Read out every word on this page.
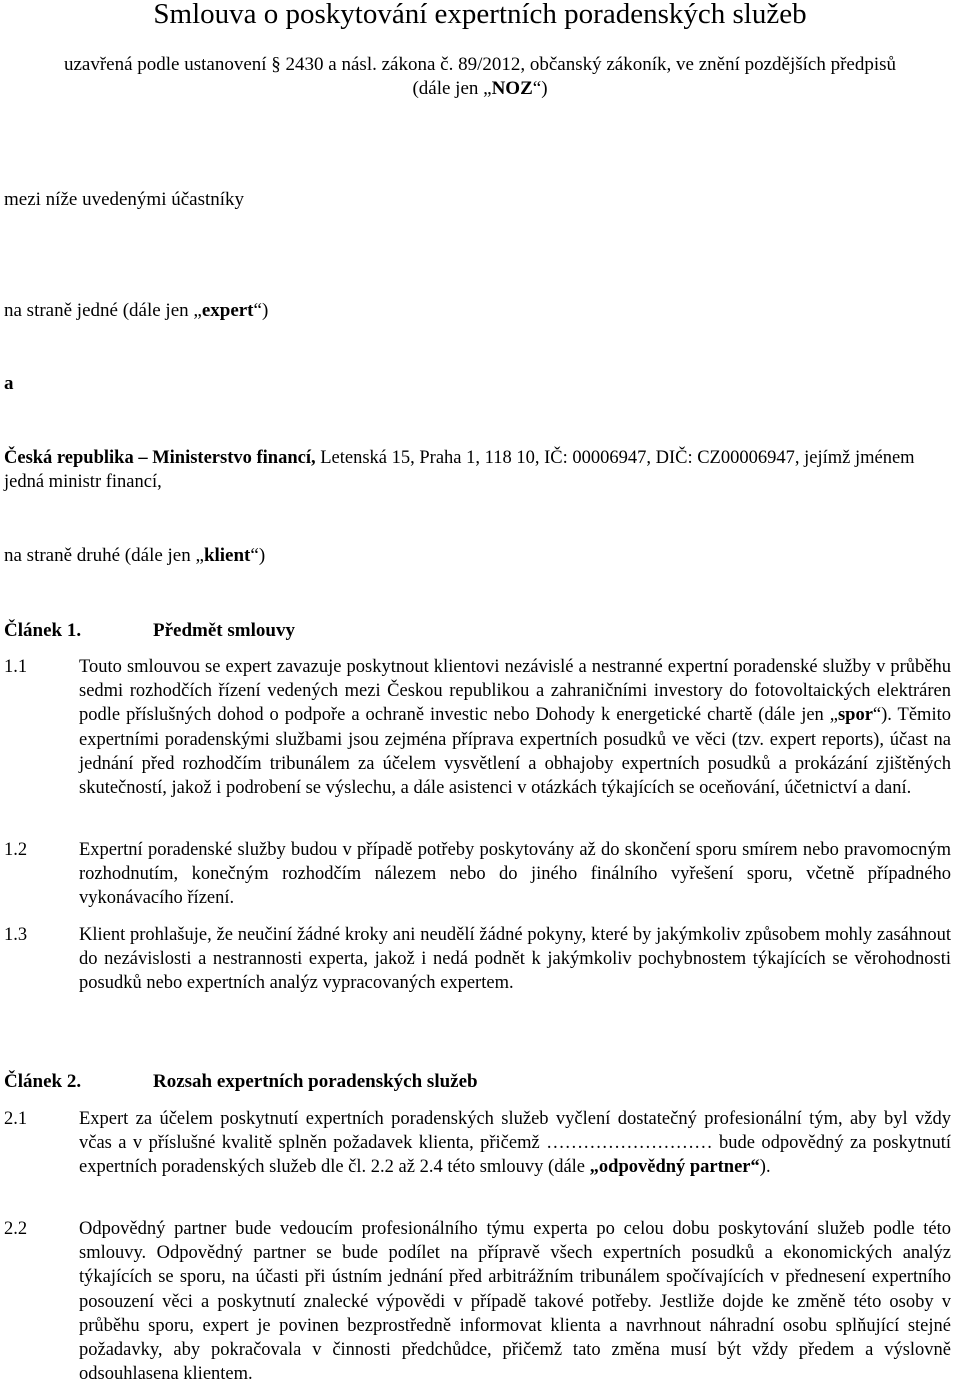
Smlouva o poskytování expertních poradenských služeb
uzavřená podle ustanovení § 2430 a násl. zákona č. 89/2012, občanský zákoník, ve znění pozdějších předpisů
(dále jen „NOZ“)
mezi níže uvedenými účastníky
na straně jedné (dále jen „expert“)
a
Česká republika – Ministerstvo financí, Letenská 15, Praha 1, 118 10, IČ: 00006947, DIČ: CZ00006947, jejímž jménem jedná ministr financí,
na straně druhé (dále jen „klient“)
Článek 1.	Předmět smlouvy
1.1	Touto smlouvou se expert zavazuje poskytnout klientovi nezávislé a nestranné expertní poradenské služby v průběhu sedmi rozhodčích řízení vedených mezi Českou republikou a zahraničními investory do fotovoltaických elektráren podle příslušných dohod o podpoře a ochraně investic nebo Dohody k energetické chartě (dále jen „spor“). Těmito expertními poradenskými službami jsou zejména příprava expertních posudků ve věci (tzv. expert reports), účast na jednání před rozhodčím tribunálem za účelem vysvětlení a obhajoby expertních posudků a prokázání zjištěných skutečností, jakož i podrobení se výslechu, a dále asistenci v otázkách týkajících se oceňování, účetnictví a daní.
1.2	Expertní poradenské služby budou v případě potřeby poskytovány až do skončení sporu smírem nebo pravomocným rozhodnutím, konečným rozhodčím nálezem nebo do jiného finálního vyřešení sporu, včetně případného vykonávacího řízení.
1.3	Klient prohlašuje, že neučiní žádné kroky ani neudělí žádné pokyny, které by jakýmkoliv způsobem mohly zasáhnout do nezávislosti a nestrannosti experta, jakož i nedá podnět k jakýmkoliv pochybnostem týkajících se věrohodnosti posudků nebo expertních analýz vypracovaných expertem.
Článek 2.	Rozsah expertních poradenských služeb
2.1	Expert za účelem poskytnutí expertních poradenských služeb vyčlení dostatečný profesionální tým, aby byl vždy včas a v příslušné kvalitě splněn požadavek klienta, přičemž ……………………… bude odpovědný za poskytnutí expertních poradenských služeb dle čl. 2.2 až 2.4 této smlouvy (dále „odpovědný partner“).
2.2	Odpovědný partner bude vedoucím profesionálního týmu experta po celou dobu poskytování služeb podle této smlouvy. Odpovědný partner se bude podílet na přípravě všech expertních posudků a ekonomických analýz týkajících se sporu, na účasti při ústním jednání před arbitrážním tribunálem spočívajících v přednesení expertního posouzení věci a poskytnutí znalecké výpovědi v případě takové potřeby. Jestliže dojde ke změně této osoby v průběhu sporu, expert je povinen bezprostředně informovat klienta a navrhnout náhradní osobu splňující stejné požadavky, aby pokračovala v činnosti předchůdce, přičemž tato změna musí být vždy předem a výslovně odsouhlasena klientem.
